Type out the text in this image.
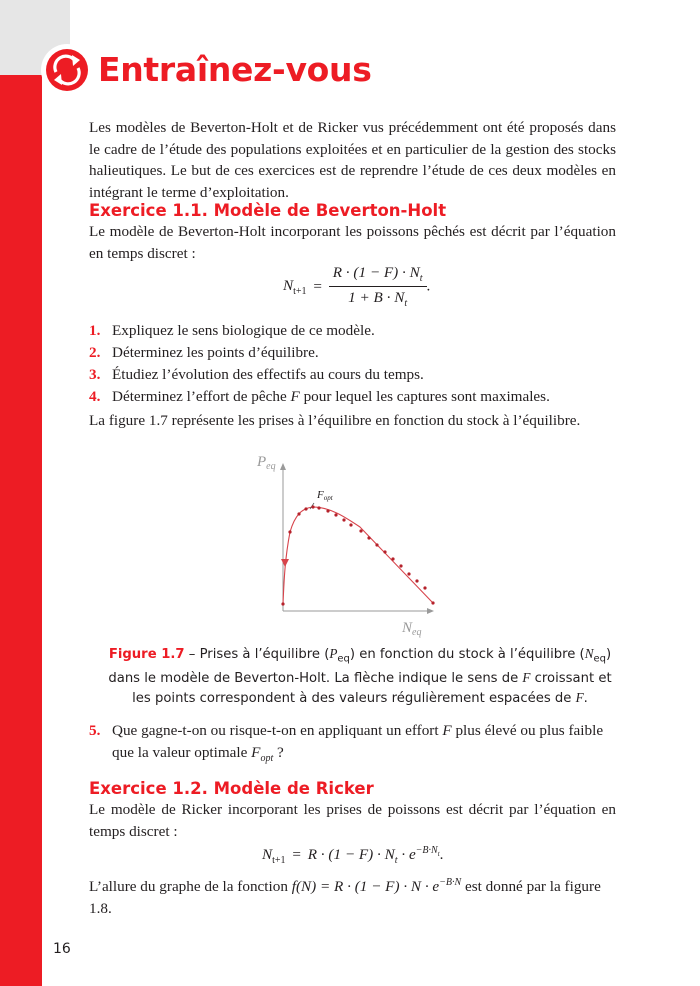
Entraînez-vous

Les modèles de Beverton-Holt et de Ricker vus précédemment ont été proposés dans le cadre de l’étude des populations exploitées et en particulier de la gestion des stocks halieutiques. Le but de ces exercices est de reprendre l’étude de ces deux modèles en intégrant le terme d’exploitation.

Exercice 1.1. Modèle de Beverton-Holt

Le modèle de Beverton-Holt incorporant les poissons pêchés est décrit par l’équation en temps discret :

$N_{t+1} = \frac{R \cdot (1 - F) \cdot N_t}{1 + B \cdot N_t}$ .
1. Expliquez le sens biologique de ce modèle.
2. Déterminez les points d’équilibre.
3. Étudiez l’évolution des effectifs au cours du temps.
4. Déterminez l’effort de pêche F pour lequel les captures sont maximales.

La figure 1.7 représente les prises à l’équilibre en fonction du stock à l’équilibre.

$P_{eq}$
$N_{eq}$
Fopt

Figure 1.7 – Prises à l’équilibre $(P_{eq})$ en fonction du stock à l’équilibre $(N_{eq})$ dans le modèle de Beverton-Holt. La flèche indique le sens de F croissant et les points correspondent à des valeurs régulièrement espacées de F.

5. Que gagne-t-on ou risque-t-on en appliquant un effort F plus élevé ou plus faible que la valeur optimale $F_{opt}$ ?
Exercice 1.2. Modèle de Ricker

Le modèle de Ricker incorporant les prises de poissons est décrit par l’équation en temps discret :

$N_{t+1} = R \cdot (1 - F) \cdot N_t \cdot e^{-B\cdot N_t}$.

L’allure du graphe de la fonction $f(N) = R \cdot (1 - F) \cdot N \cdot e^{-B\cdot N}$ est donné par la figure 1.8.

16
